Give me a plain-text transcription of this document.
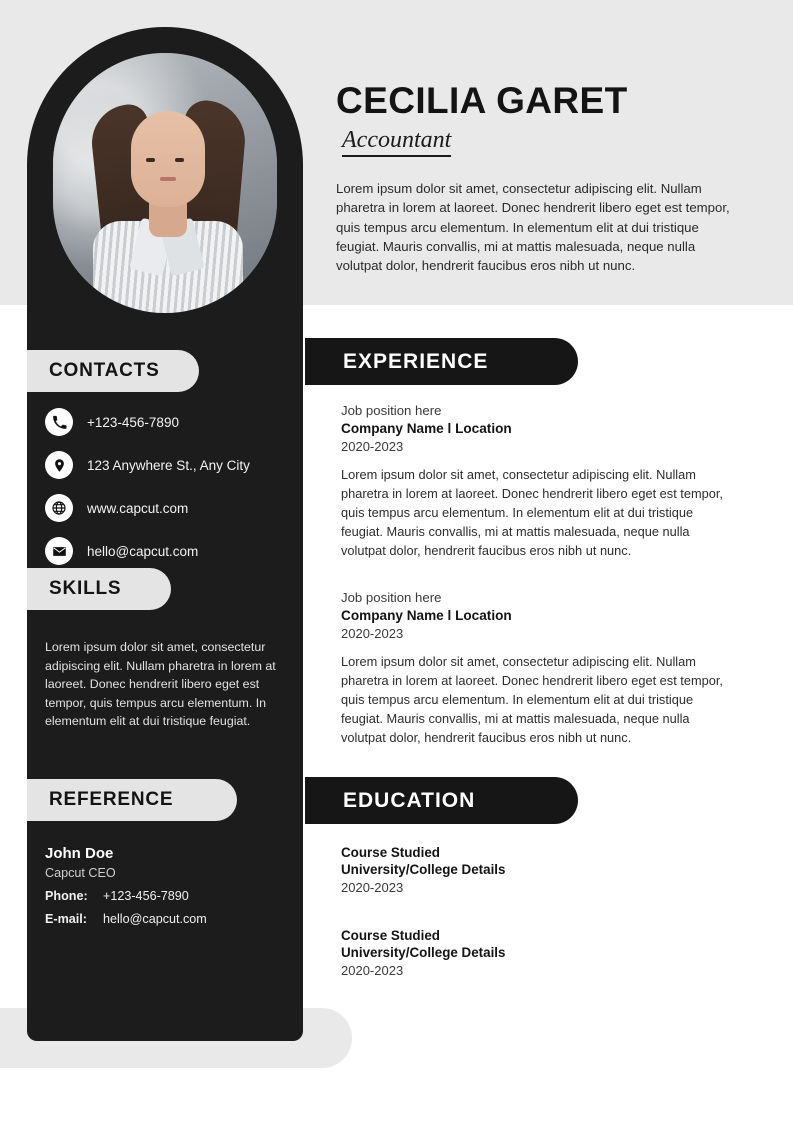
CECILIA GARET
Accountant

Lorem ipsum dolor sit amet, consectetur adipiscing elit. Nullam pharetra in lorem at laoreet. Donec hendrerit libero eget est tempor, quis tempus arcu elementum. In elementum elit at dui tristique feugiat. Mauris convallis, mi at mattis malesuada, neque nulla volutpat dolor, hendrerit faucibus eros nibh ut nunc.

CONTACTS
+123-456-7890
123 Anywhere St., Any City
www.capcut.com
hello@capcut.com
SKILLS
Lorem ipsum dolor sit amet, consectetur adipiscing elit. Nullam pharetra in lorem at laoreet. Donec hendrerit libero eget est tempor, quis tempus arcu elementum. In elementum elit at dui tristique feugiat.
REFERENCE
John Doe
Capcut CEO
Phone:	+123-456-7890
E-mail:	hello@capcut.com
EXPERIENCE
Job position here
Company Name l Location
2020-2023
Lorem ipsum dolor sit amet, consectetur adipiscing elit. Nullam pharetra in lorem at laoreet. Donec hendrerit libero eget est tempor, quis tempus arcu elementum. In elementum elit at dui tristique feugiat. Mauris convallis, mi at mattis malesuada, neque nulla volutpat dolor, hendrerit faucibus eros nibh ut nunc.
Job position here
Company Name l Location
2020-2023
Lorem ipsum dolor sit amet, consectetur adipiscing elit. Nullam pharetra in lorem at laoreet. Donec hendrerit libero eget est tempor, quis tempus arcu elementum. In elementum elit at dui tristique feugiat. Mauris convallis, mi at mattis malesuada, neque nulla volutpat dolor, hendrerit faucibus eros nibh ut nunc.
EDUCATION
Course Studied
University/College Details
2020-2023
Course Studied
University/College Details
2020-2023
